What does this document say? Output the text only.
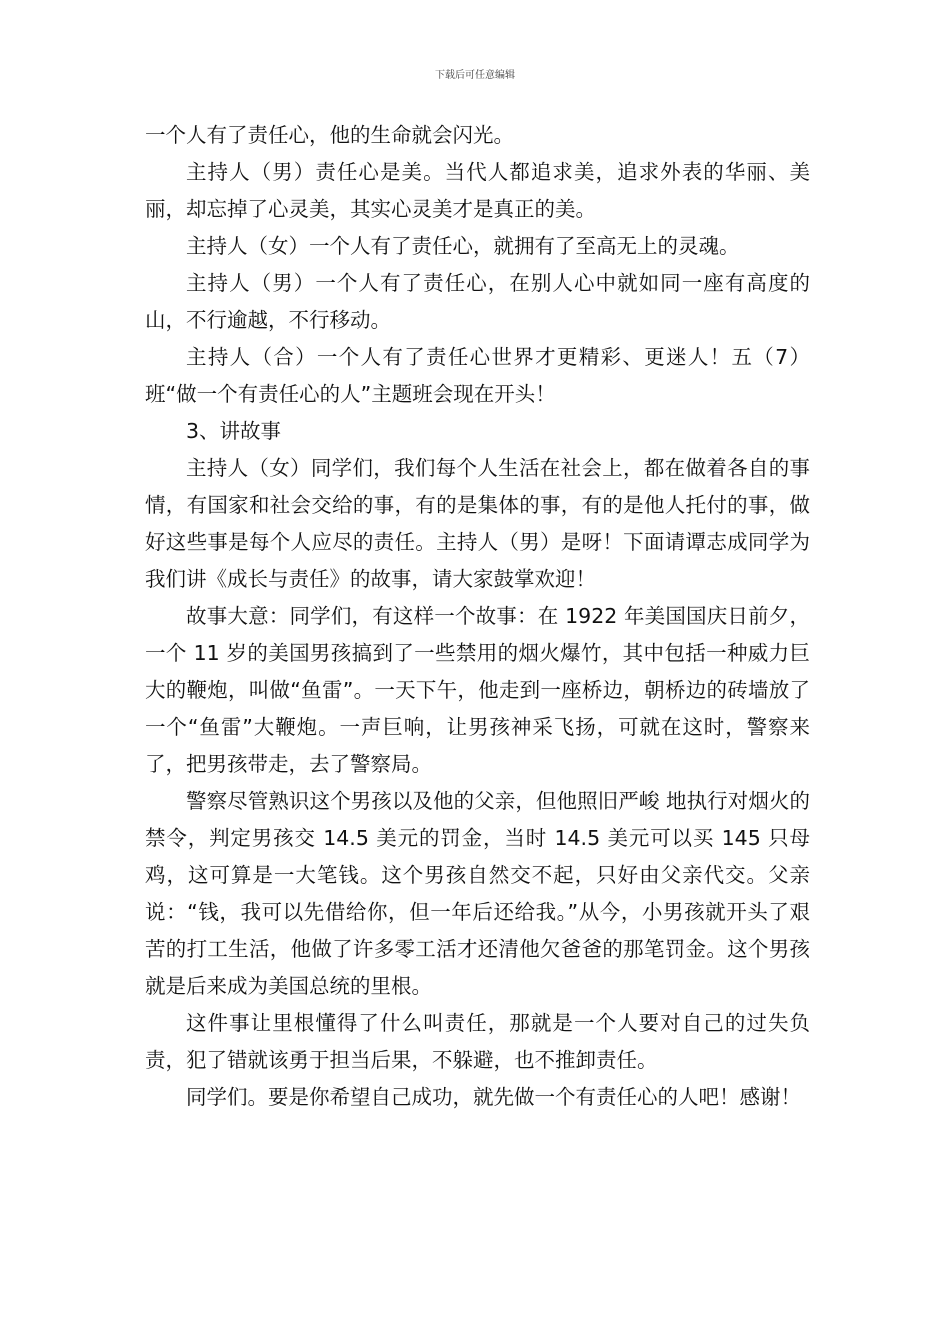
下载后可任意编辑

一个人有了责任心，他的生命就会闪光。

主持人（男）责任心是美。当代人都追求美，追求外表的华丽、美丽，却忘掉了心灵美，其实心灵美才是真正的美。

主持人（女）一个人有了责任心，就拥有了至高无上的灵魂。

主持人（男）一个人有了责任心，在别人心中就如同一座有高度的山，不行逾越，不行移动。

主持人（合）一个人有了责任心世界才更精彩、更迷人！五（7）班“做一个有责任心的人”主题班会现在开头！

3、讲故事

主持人（女）同学们，我们每个人生活在社会上，都在做着各自的事情，有国家和社会交给的事，有的是集体的事，有的是他人托付的事，做好这些事是每个人应尽的责任。主持人（男）是呀！下面请谭志成同学为我们讲《成长与责任》的故事，请大家鼓掌欢迎！

故事大意：同学们，有这样一个故事：在 1922 年美国国庆日前夕，一个 11 岁的美国男孩搞到了一些禁用的烟火爆竹，其中包括一种威力巨大的鞭炮，叫做“鱼雷”。一天下午，他走到一座桥边，朝桥边的砖墙放了一个“鱼雷”大鞭炮。一声巨响，让男孩神采飞扬，可就在这时，警察来了，把男孩带走，去了警察局。

警察尽管熟识这个男孩以及他的父亲，但他照旧严峻 地执行对烟火的禁令，判定男孩交 14.5 美元的罚金，当时 14.5 美元可以买 145 只母鸡，这可算是一大笔钱。这个男孩自然交不起，只好由父亲代交。父亲说：“钱，我可以先借给你，但一年后还给我。”从今，小男孩就开头了艰苦的打工生活，他做了许多零工活才还清他欠爸爸的那笔罚金。这个男孩就是后来成为美国总统的里根。

这件事让里根懂得了什么叫责任，那就是一个人要对自己的过失负责，犯了错就该勇于担当后果，不躲避，也不推卸责任。

同学们。要是你希望自己成功，就先做一个有责任心的人吧！感谢！
